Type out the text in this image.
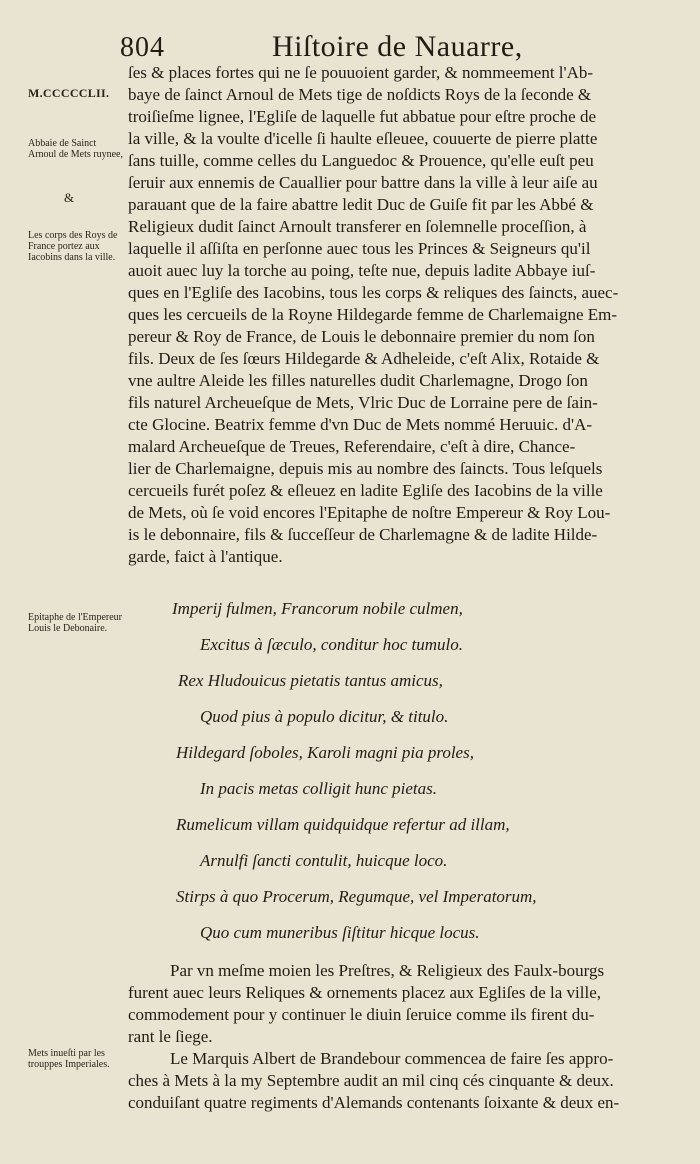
804	Hiſtoire de Nauarre,
M.CCCCCLII.
Abbaie de Sainct Arnoul de Mets ruynee,
&
Les corps des Roys de France portez aux Iacobins dans la ville.
Epitaphe de l'Empereur Louis le Debonaire.
Mets inueſti par les trouppes Imperiales.
ſes & places fortes qui ne ſe pouuoient garder, & nommeement l'Ab-
baye de ſainct Arnoul de Mets tige de noſdicts Roys de la ſeconde &
troiſieſme lignee, l'Egliſe de laquelle fut abbatue pour eſtre proche de
la ville, & la voulte d'icelle ſi haulte eſleuee, couuerte de pierre platte
ſans tuille, comme celles du Languedoc & Prouence, qu'elle euſt peu
ſeruir aux ennemis de Cauallier pour battre dans la ville à leur aiſe au
parauant que de la faire abattre ledit Duc de Guiſe fit par les Abbé &
Religieux dudit ſainct Arnoult transferer en ſolemnelle proceſſion, à
laquelle il aſſiſta en perſonne auec tous les Princes & Seigneurs qu'il
auoit auec luy la torche au poing, teſte nue, depuis ladite Abbaye iuſ-
ques en l'Egliſe des Iacobins, tous les corps & reliques des ſaincts, auec-
ques les cercueils de la Royne Hildegarde femme de Charlemaigne Em-
pereur & Roy de France, de Louis le debonnaire premier du nom ſon
fils. Deux de ſes ſœurs Hildegarde & Adheleide, c'eſt Alix, Rotaide &
vne aultre Aleide les filles naturelles dudit Charlemagne, Drogo ſon
fils naturel Archeueſque de Mets, Vlric Duc de Lorraine pere de ſain-
cte Glocine. Beatrix femme d'vn Duc de Mets nommé Heruuic. d'A-
malard Archeueſque de Treues, Referendaire, c'eſt à dire, Chance-
lier de Charlemaigne, depuis mis au nombre des ſaincts. Tous leſquels
cercueils furét poſez & eſleuez en ladite Egliſe des Iacobins de la ville
de Mets, où ſe void encores l'Epitaphe de noſtre Empereur & Roy Lou-
is le debonnaire, fils & ſucceſſeur de Charlemagne & de ladite Hilde-
garde, faict à l'antique.
Imperij fulmen, Francorum nobile culmen,
Excitus à ſæculo, conditur hoc tumulo.
Rex Hludouicus pietatis tantus amicus,
Quod pius à populo dicitur, & titulo.
Hildegard ſoboles, Karoli magni pia proles,
In pacis metas colligit hunc pietas.
Rumelicum villam quidquidque refertur ad illam,
Arnulfi ſancti contulit, huicque loco.
Stirps à quo Procerum, Regumque, vel Imperatorum,
Quo cum muneribus ſiſtitur hicque locus.
Par vn meſme moien les Preſtres, & Religieux des Faulx-bourgs
furent auec leurs Reliques & ornements placez aux Egliſes de la ville,
commodement pour y continuer le diuin ſeruice comme ils firent du-
rant le ſiege.
Le Marquis Albert de Brandebour commencea de faire ſes appro-
ches à Mets à la my Septembre audit an mil cinq cés cinquante & deux.
conduiſant quatre regiments d'Alemands contenants ſoixante & deux en-
